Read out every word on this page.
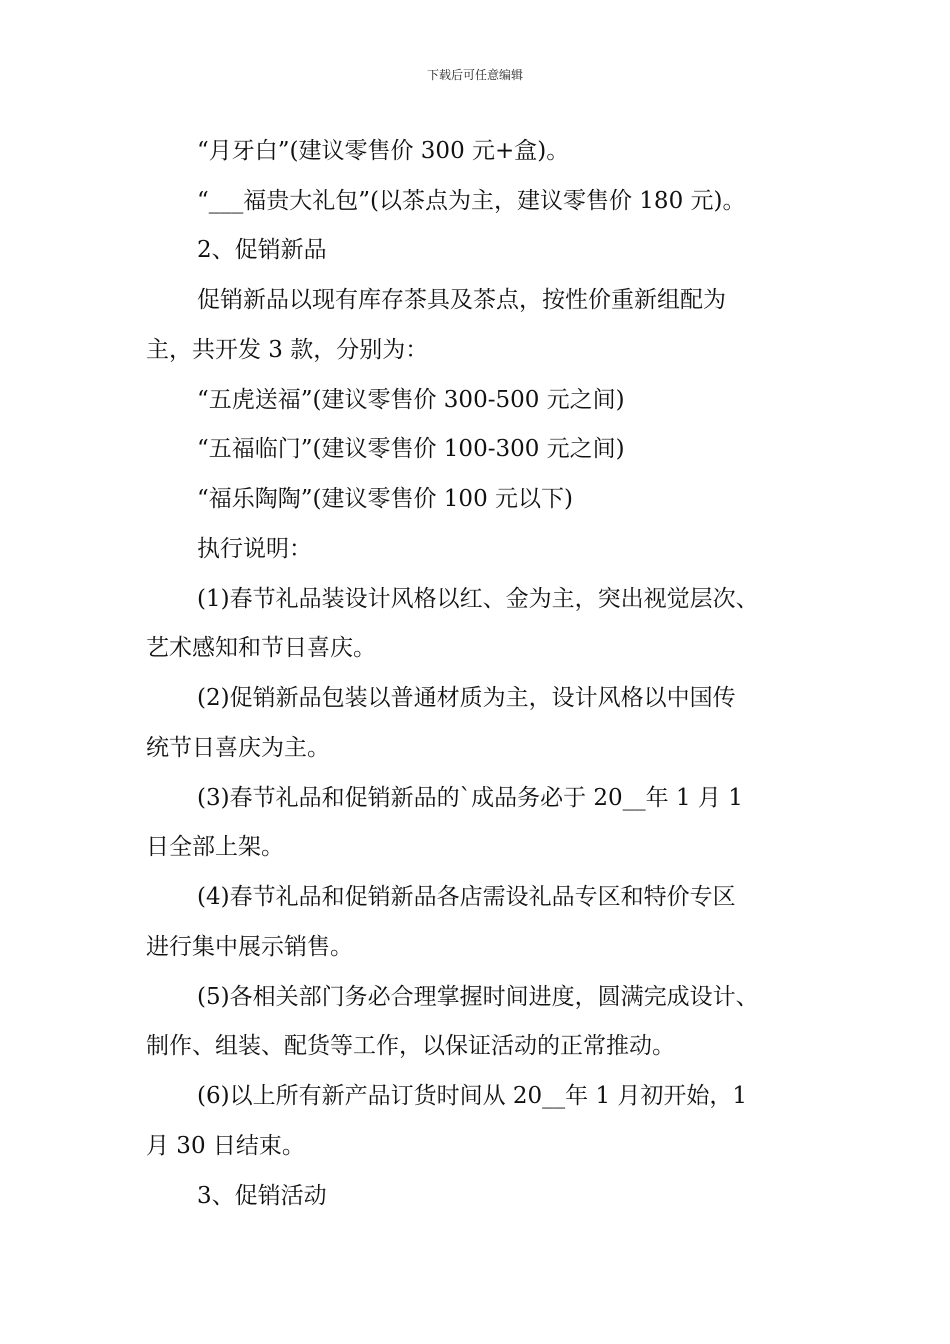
下载后可任意编辑
“月牙白”(建议零售价 300 元+盒)。
“___福贵大礼包”(以茶点为主，建议零售价 180 元)。
2、促销新品
促销新品以现有库存茶具及茶点，按性价重新组配为
主，共开发 3 款，分别为：
“五虎送福”(建议零售价 300-500 元之间)
“五福临门”(建议零售价 100-300 元之间)
“福乐陶陶”(建议零售价 100 元以下)
执行说明：
(1)春节礼品装设计风格以红、金为主，突出视觉层次、
艺术感知和节日喜庆。
(2)促销新品包装以普通材质为主，设计风格以中国传
统节日喜庆为主。
(3)春节礼品和促销新品的`成品务必于 20__年 1 月 1
日全部上架。
(4)春节礼品和促销新品各店需设礼品专区和特价专区
进行集中展示销售。
(5)各相关部门务必合理掌握时间进度，圆满完成设计、
制作、组装、配货等工作，以保证活动的正常推动。
(6)以上所有新产品订货时间从 20__年 1 月初开始，1
月 30 日结束。
3、促销活动
